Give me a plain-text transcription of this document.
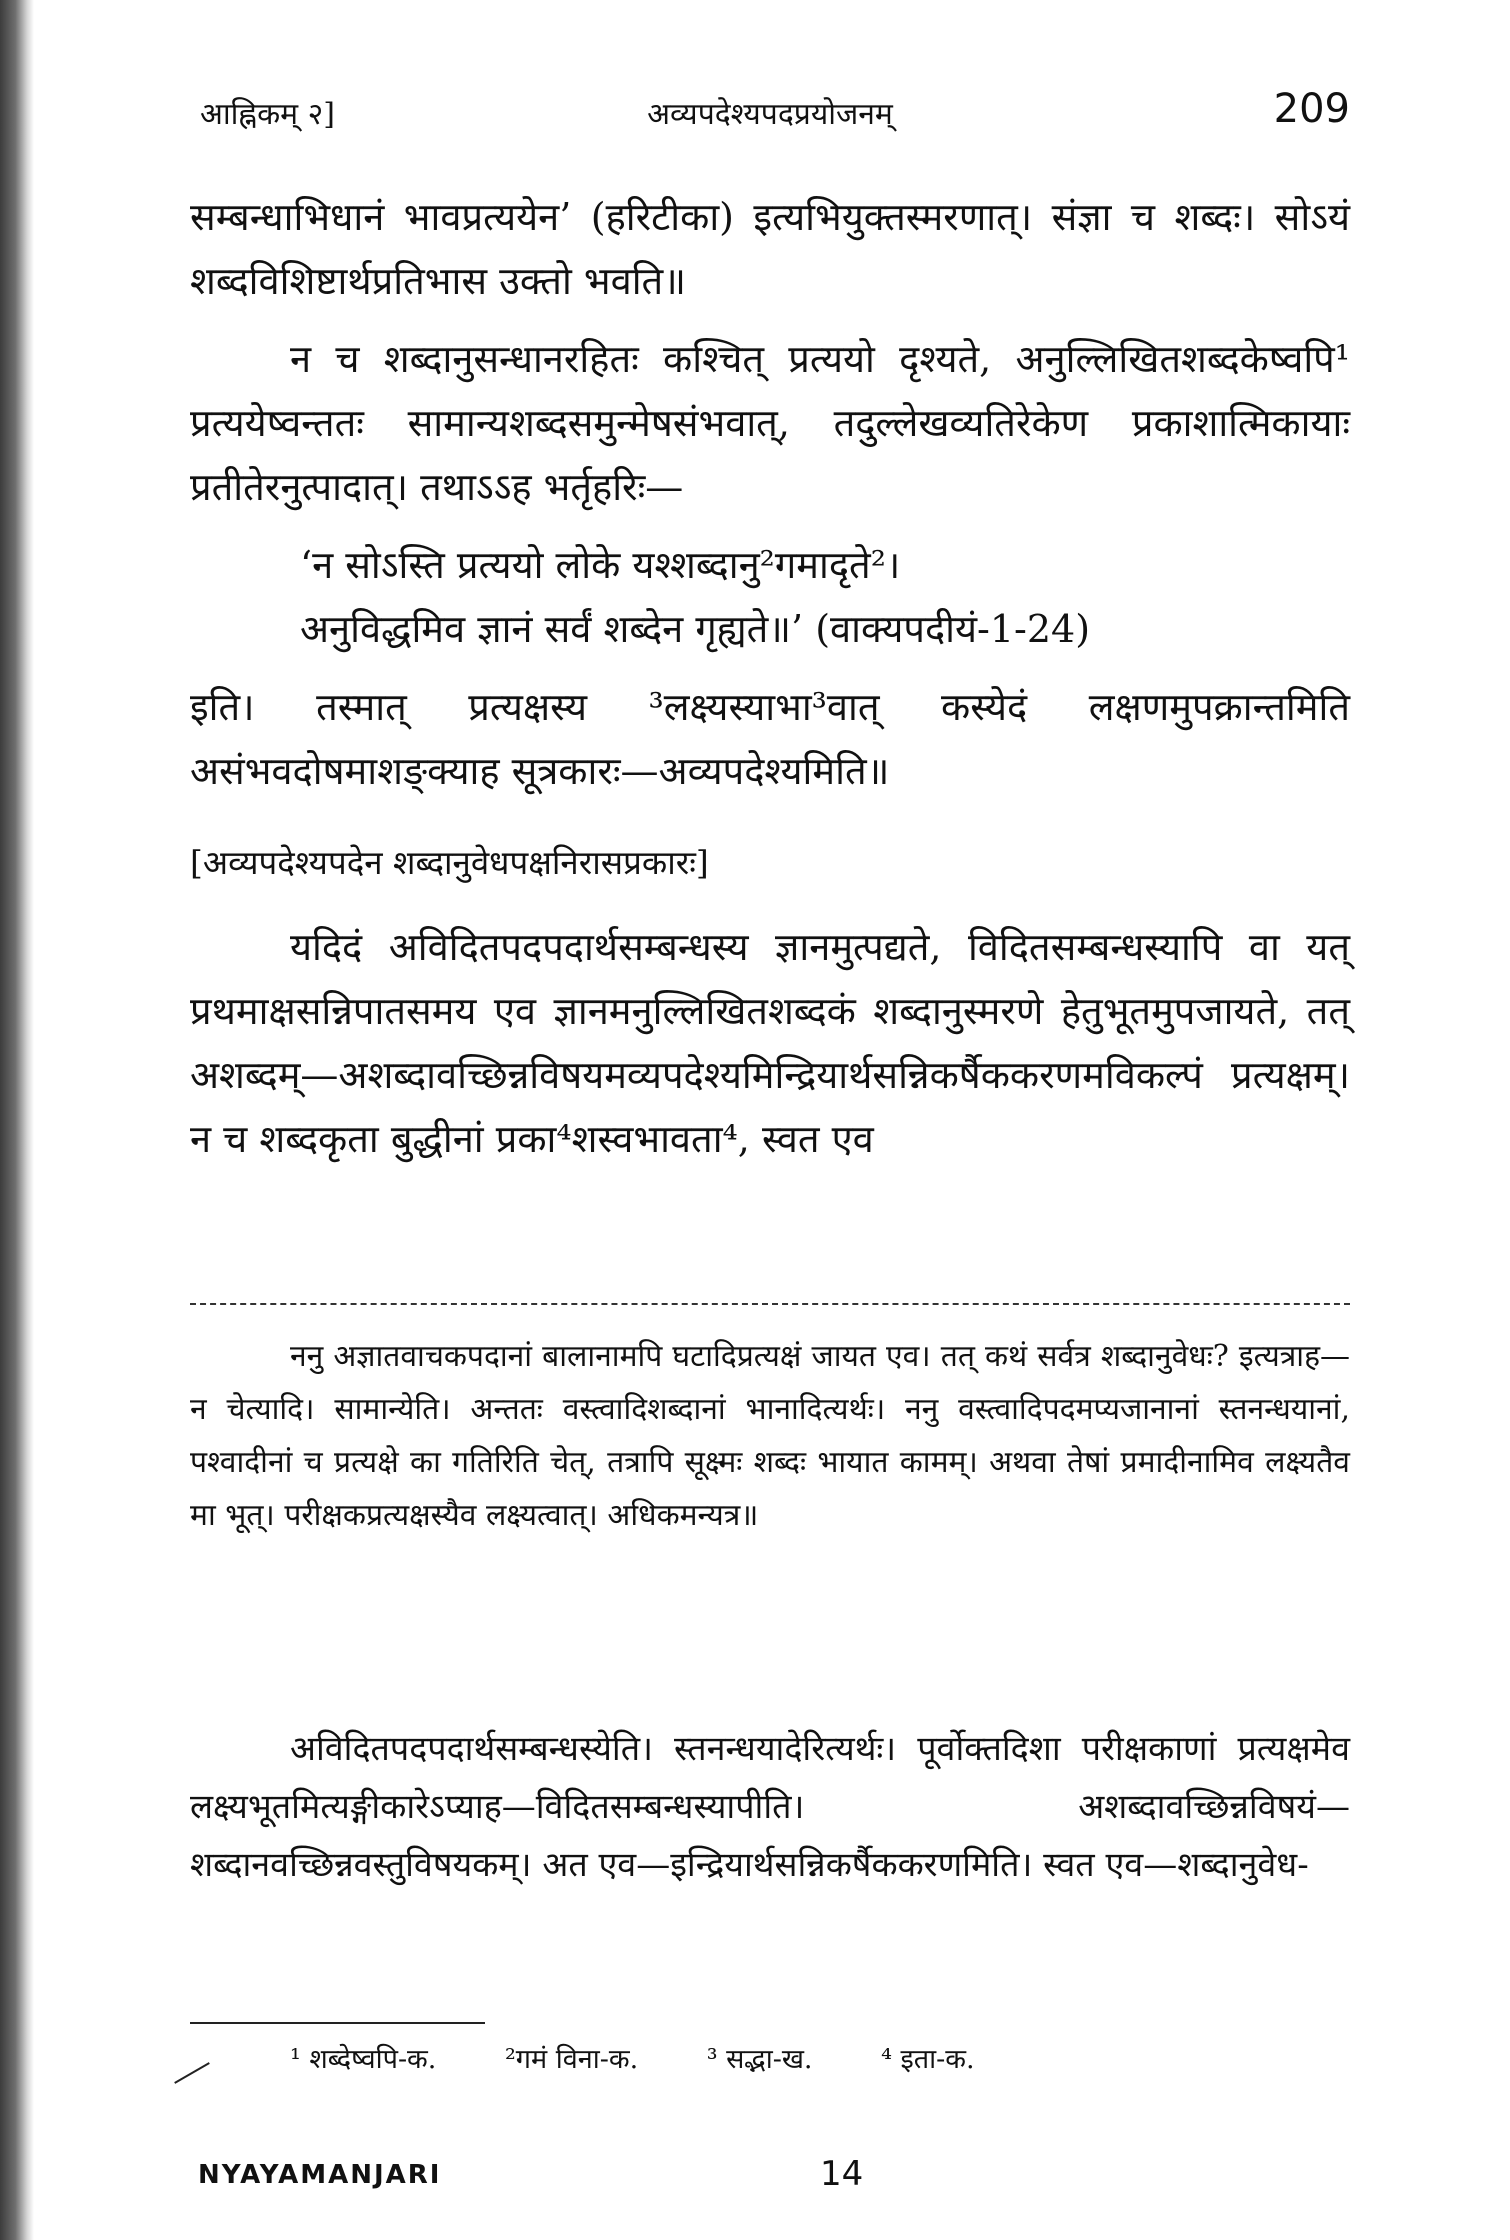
आह्निकम् २]	अव्यपदेश्यपदप्रयोजनम्	209

सम्बन्धाभिधानं भावप्रत्ययेन’ (हरिटीका) इत्यभियुक्तस्मरणात्। संज्ञा च शब्दः। सोऽयं शब्दविशिष्टार्थप्रतिभास उक्तो भवति॥

न च शब्दानुसन्धानरहितः कश्चित् प्रत्ययो दृश्यते, अनुल्लिखितशब्दकेष्वपि¹ प्रत्ययेष्वन्ततः सामान्यशब्दसमुन्मेषसंभवात्, तदुल्लेखव्यतिरेकेण प्रकाशात्मिकायाः प्रतीतेरनुत्पादात्। तथाऽऽह भर्तृहरिः—

‘न सोऽस्ति प्रत्ययो लोके यश्शब्दानु²गमादृते²।

अनुविद्धमिव ज्ञानं सर्वं शब्देन गृह्यते॥’ (वाक्यपदीयं-1-24)

इति। तस्मात् प्रत्यक्षस्य ³लक्ष्यस्याभा³वात् कस्येदं लक्षणमुपक्रान्तमिति असंभवदोषमाशङ्क्याह सूत्रकारः—अव्यपदेश्यमिति॥

[अव्यपदेश्यपदेन शब्दानुवेधपक्षनिरासप्रकारः]

यदिदं अविदितपदपदार्थसम्बन्धस्य ज्ञानमुत्पद्यते, विदितसम्बन्धस्यापि वा यत् प्रथमाक्षसन्निपातसमय एव ज्ञानमनुल्लिखितशब्दकं शब्दानुस्मरणे हेतुभूतमुपजायते, तत् अशब्दम्—अशब्दावच्छिन्नविषयमव्यपदेश्यमिन्द्रियार्थसन्निकर्षैककरणमविकल्पं प्रत्यक्षम्। न च शब्दकृता बुद्धीनां प्रका⁴शस्वभावता⁴, स्वत एव

ननु अज्ञातवाचकपदानां बालानामपि घटादिप्रत्यक्षं जायत एव। तत् कथं सर्वत्र शब्दानुवेधः? इत्यत्राह— न चेत्यादि। सामान्येति। अन्ततः वस्त्वादिशब्दानां भानादित्यर्थः। ननु वस्त्वादिपदमप्यजानानां स्तनन्धयानां, पश्वादीनां च प्रत्यक्षे का गतिरिति चेत्, तत्रापि सूक्ष्मः शब्दः भायात कामम्। अथवा तेषां प्रमादीनामिव लक्ष्यतैव मा भूत्। परीक्षकप्रत्यक्षस्यैव लक्ष्यत्वात्। अधिकमन्यत्र॥

अविदितपदपदार्थसम्बन्धस्येति। स्तनन्धयादेरित्यर्थः। पूर्वोक्तदिशा परीक्षकाणां प्रत्यक्षमेव लक्ष्यभूतमित्यङ्गीकारेऽप्याह—विदितसम्बन्धस्यापीति। अशब्दावच्छिन्नविषयं—शब्दानवच्छिन्नवस्तुविषयकम्। अत एव—इन्द्रियार्थसन्निकर्षैककरणमिति। स्वत एव—शब्दानुवेध-

¹ शब्देष्वपि-क.	²गमं विना-क.	³ सद्भा-ख.	⁴ इता-क.
NYAYAMANJARI	14
